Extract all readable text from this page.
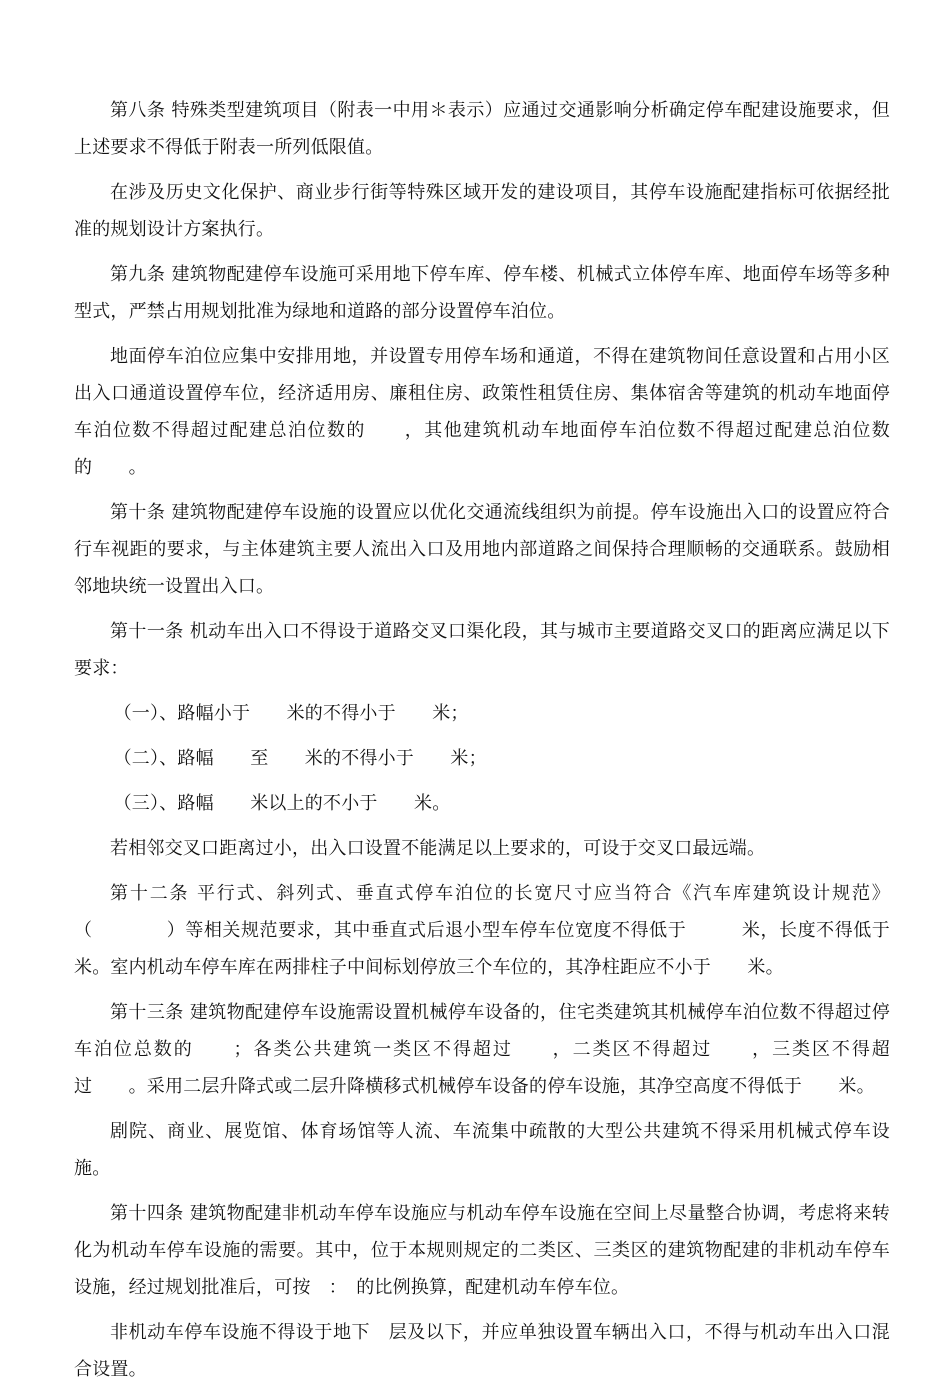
第八条 特殊类型建筑项目（附表一中用＊表示）应通过交通影响分析确定停车配建设施要求，但上述要求不得低于附表一所列低限值。

在涉及历史文化保护、商业步行街等特殊区域开发的建设项目，其停车设施配建指标可依据经批准的规划设计方案执行。

第九条 建筑物配建停车设施可采用地下停车库、停车楼、机械式立体停车库、地面停车场等多种型式，严禁占用规划批准为绿地和道路的部分设置停车泊位。

地面停车泊位应集中安排用地，并设置专用停车场和通道，不得在建筑物间任意设置和占用小区出入口通道设置停车位，经济适用房、廉租住房、政策性租赁住房、集体宿舍等建筑的机动车地面停车泊位数不得超过配建总泊位数的　　，其他建筑机动车地面停车泊位数不得超过配建总泊位数的　　。

第十条 建筑物配建停车设施的设置应以优化交通流线组织为前提。停车设施出入口的设置应符合行车视距的要求，与主体建筑主要人流出入口及用地内部道路之间保持合理顺畅的交通联系。鼓励相邻地块统一设置出入口。

第十一条 机动车出入口不得设于道路交叉口渠化段，其与城市主要道路交叉口的距离应满足以下要求：

（一）、路幅小于　　米的不得小于　　米；

（二）、路幅　　至　　米的不得小于　　米；

（三）、路幅　　米以上的不小于　　米。

若相邻交叉口距离过小，出入口设置不能满足以上要求的，可设于交叉口最远端。

第十二条 平行式、斜列式、垂直式停车泊位的长宽尺寸应当符合《汽车库建筑设计规范》（　　　　）等相关规范要求，其中垂直式后退小型车停车位宽度不得低于　　　米，长度不得低于　　米。室内机动车停车库在两排柱子中间标划停放三个车位的，其净柱距应不小于　　米。

第十三条 建筑物配建停车设施需设置机械停车设备的，住宅类建筑其机械停车泊位数不得超过停车泊位总数的　　；各类公共建筑一类区不得超过　　，二类区不得超过　　，三类区不得超过　　。采用二层升降式或二层升降横移式机械停车设备的停车设施，其净空高度不得低于　　米。

剧院、商业、展览馆、体育场馆等人流、车流集中疏散的大型公共建筑不得采用机械式停车设施。

第十四条 建筑物配建非机动车停车设施应与机动车停车设施在空间上尽量整合协调，考虑将来转化为机动车停车设施的需要。其中，位于本规则规定的二类区、三类区的建筑物配建的非机动车停车设施，经过规划批准后，可按　：　的比例换算，配建机动车停车位。

非机动车停车设施不得设于地下　层及以下，并应单独设置车辆出入口，不得与机动车出入口混合设置。
